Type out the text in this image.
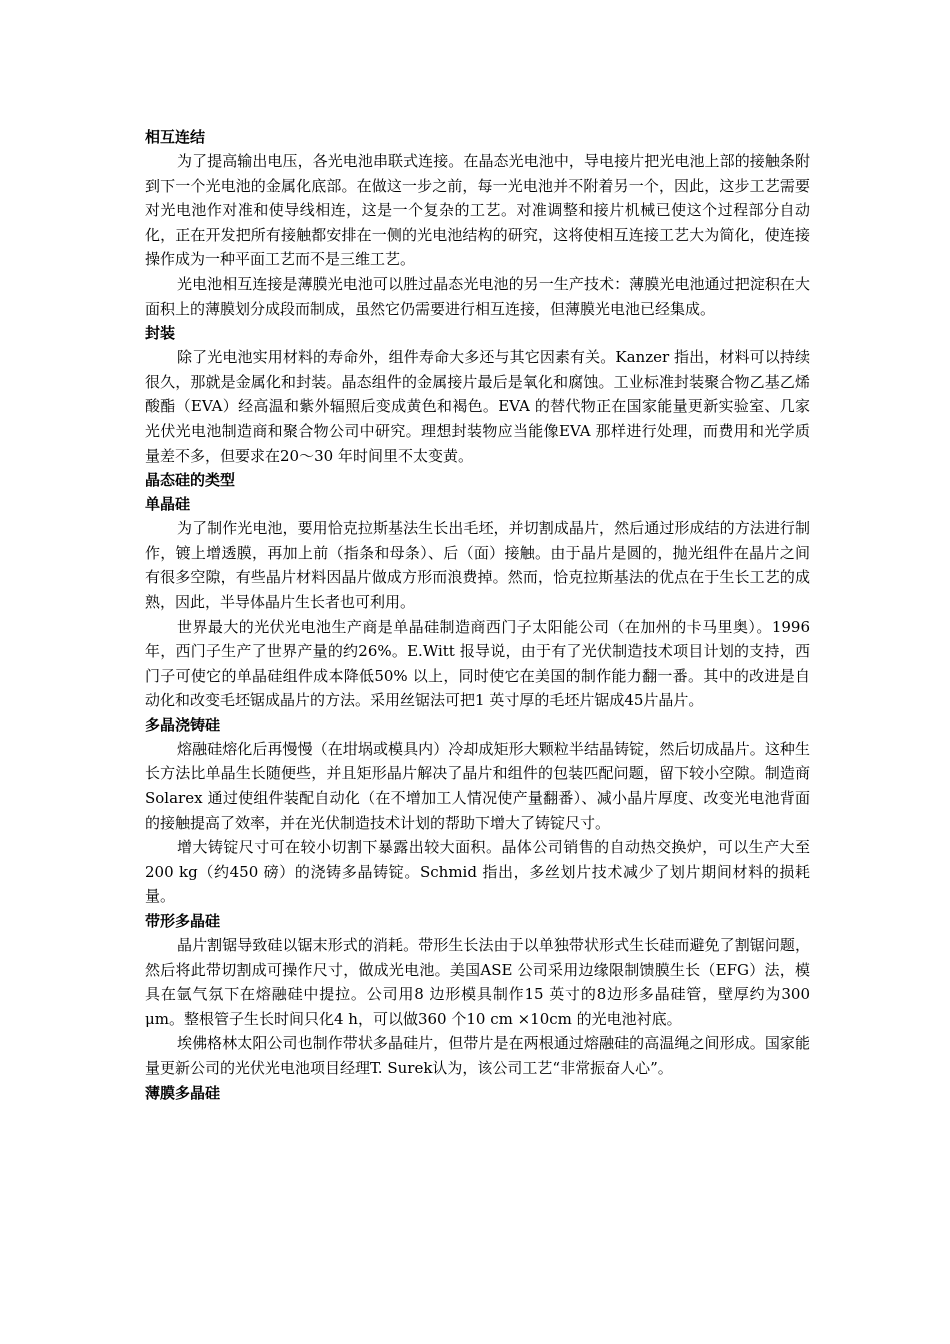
相互连结

为了提高输出电压，各光电池串联式连接。在晶态光电池中，导电接片把光电池上部的接触条附到下一个光电池的金属化底部。在做这一步之前，每一光电池并不附着另一个，因此，这步工艺需要对光电池作对准和使导线相连，这是一个复杂的工艺。对准调整和接片机械已使这个过程部分自动化，正在开发把所有接触都安排在一侧的光电池结构的研究，这将使相互连接工艺大为简化，使连接操作成为一种平面工艺而不是三维工艺。

光电池相互连接是薄膜光电池可以胜过晶态光电池的另一生产技术：薄膜光电池通过把淀积在大面积上的薄膜划分成段而制成，虽然它仍需要进行相互连接，但薄膜光电池已经集成。

封装

除了光电池实用材料的寿命外，组件寿命大多还与其它因素有关。Kanzer 指出，材料可以持续很久，那就是金属化和封装。晶态组件的金属接片最后是氧化和腐蚀。工业标准封装聚合物乙基乙烯酸酯（EVA）经高温和紫外辐照后变成黄色和褐色。EVA 的替代物正在国家能量更新实验室、几家光伏光电池制造商和聚合物公司中研究。理想封装物应当能像EVA 那样进行处理，而费用和光学质量差不多，但要求在20～30 年时间里不太变黄。

晶态硅的类型
单晶硅

为了制作光电池，要用恰克拉斯基法生长出毛坯，并切割成晶片，然后通过形成结的方法进行制作，镀上增透膜，再加上前（指条和母条）、后（面）接触。由于晶片是圆的，抛光组件在晶片之间有很多空隙，有些晶片材料因晶片做成方形而浪费掉。然而，恰克拉斯基法的优点在于生长工艺的成熟，因此，半导体晶片生长者也可利用。

世界最大的光伏光电池生产商是单晶硅制造商西门子太阳能公司（在加州的卡马里奥）。1996 年，西门子生产了世界产量的约26%。E.Witt 报导说，由于有了光伏制造技术项目计划的支持，西门子可使它的单晶硅组件成本降低50% 以上，同时使它在美国的制作能力翻一番。其中的改进是自动化和改变毛坯锯成晶片的方法。采用丝锯法可把1 英寸厚的毛坯片锯成45片晶片。

多晶浇铸硅

熔融硅熔化后再慢慢（在坩埚或模具内）冷却成矩形大颗粒半结晶铸锭，然后切成晶片。这种生长方法比单晶生长随便些，并且矩形晶片解决了晶片和组件的包装匹配问题，留下较小空隙。制造商Solarex 通过使组件装配自动化（在不增加工人情况使产量翻番）、减小晶片厚度、改变光电池背面的接触提高了效率，并在光伏制造技术计划的帮助下增大了铸锭尺寸。

增大铸锭尺寸可在较小切割下暴露出较大面积。晶体公司销售的自动热交换炉，可以生产大至200 kg（约450 磅）的浇铸多晶铸锭。Schmid 指出，多丝划片技术减少了划片期间材料的损耗量。

带形多晶硅

晶片割锯导致硅以锯末形式的消耗。带形生长法由于以单独带状形式生长硅而避免了割锯问题，然后将此带切割成可操作尺寸，做成光电池。美国ASE 公司采用边缘限制馈膜生长（EFG）法，模具在氩气氛下在熔融硅中提拉。公司用8 边形模具制作15 英寸的8边形多晶硅管，壁厚约为300 μm。整根管子生长时间只化4 h，可以做360 个10 cm ×10cm 的光电池衬底。

埃佛格林太阳公司也制作带状多晶硅片，但带片是在两根通过熔融硅的高温绳之间形成。国家能量更新公司的光伏光电池项目经理T. Surek认为，该公司工艺“非常振奋人心”。

薄膜多晶硅
